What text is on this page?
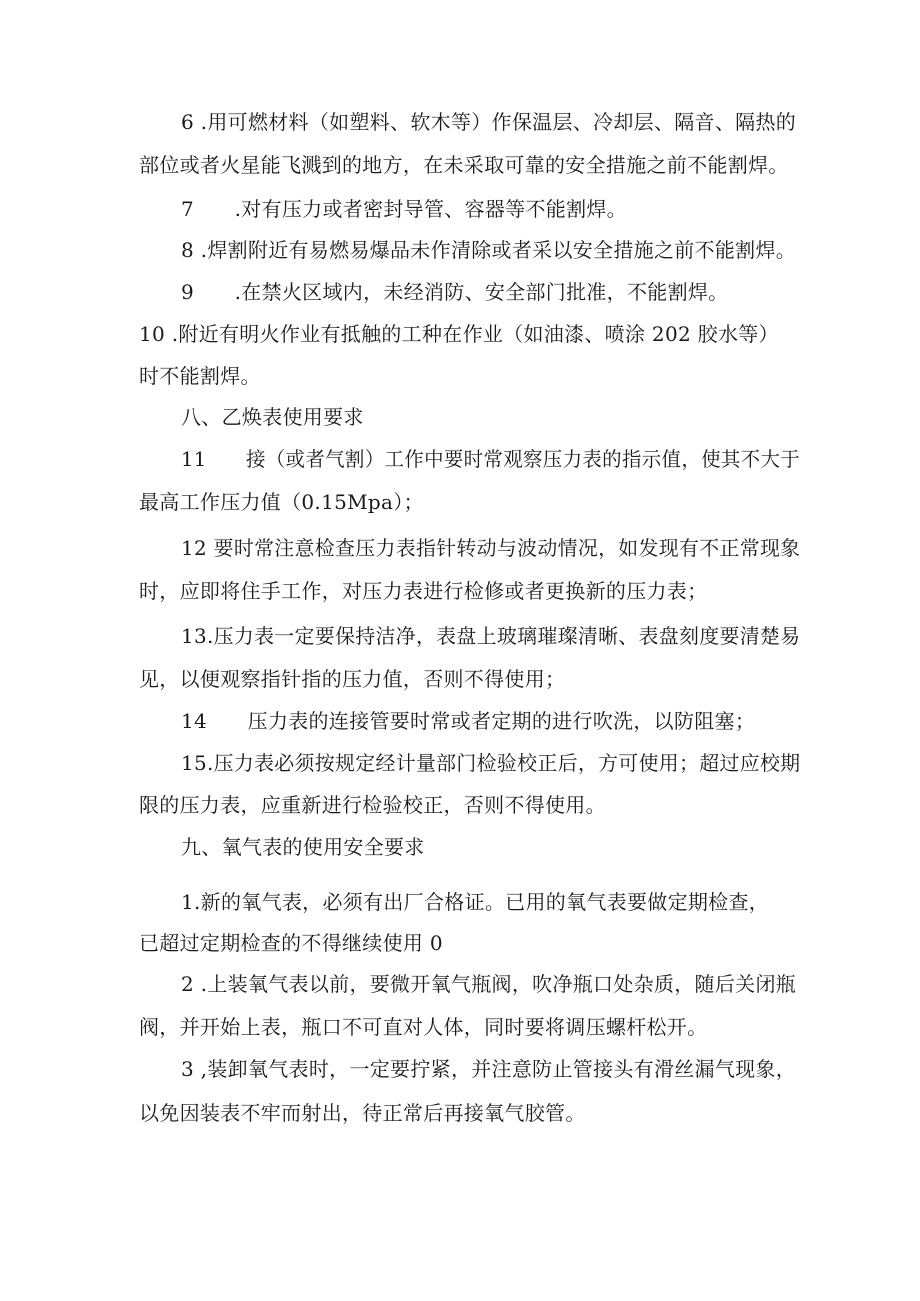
6 .用可燃材料（如塑料、软木等）作保温层、冷却层、隔音、隔热的
部位或者火星能飞溅到的地方，在未采取可靠的安全措施之前不能割焊。
7　　.对有压力或者密封导管、容器等不能割焊。
8 .焊割附近有易燃易爆品未作清除或者采以安全措施之前不能割焊。
9　　.在禁火区域内，未经消防、安全部门批准，不能割焊。
10 .附近有明火作业有抵触的工种在作业（如油漆、喷涂 202 胶水等）
时不能割焊。
八、乙焕表使用要求
11　　接（或者气割）工作中要时常观察压力表的指示值，使其不大于
最高工作压力值（0.15Mpa）；
12 要时常注意检查压力表指针转动与波动情况，如发现有不正常现象
时，应即将住手工作，对压力表进行检修或者更换新的压力表；
13.压力表一定要保持洁净，表盘上玻璃璀璨清晰、表盘刻度要清楚易
见，以便观察指针指的压力值，否则不得使用；
14　　压力表的连接管要时常或者定期的进行吹洗，以防阻塞；
15.压力表必须按规定经计量部门检验校正后，方可使用；超过应校期
限的压力表，应重新进行检验校正，否则不得使用。
九、氧气表的使用安全要求
1.新的氧气表，必须有出厂合格证。已用的氧气表要做定期检查，
已超过定期检查的不得继续使用 0
2 .上装氧气表以前，要微开氧气瓶阀，吹净瓶口处杂质，随后关闭瓶
阀，并开始上表，瓶口不可直对人体，同时要将调压螺杆松开。
3 ,装卸氧气表时，一定要拧紧，并注意防止管接头有滑丝漏气现象，
以免因装表不牢而射出，待正常后再接氧气胶管。
